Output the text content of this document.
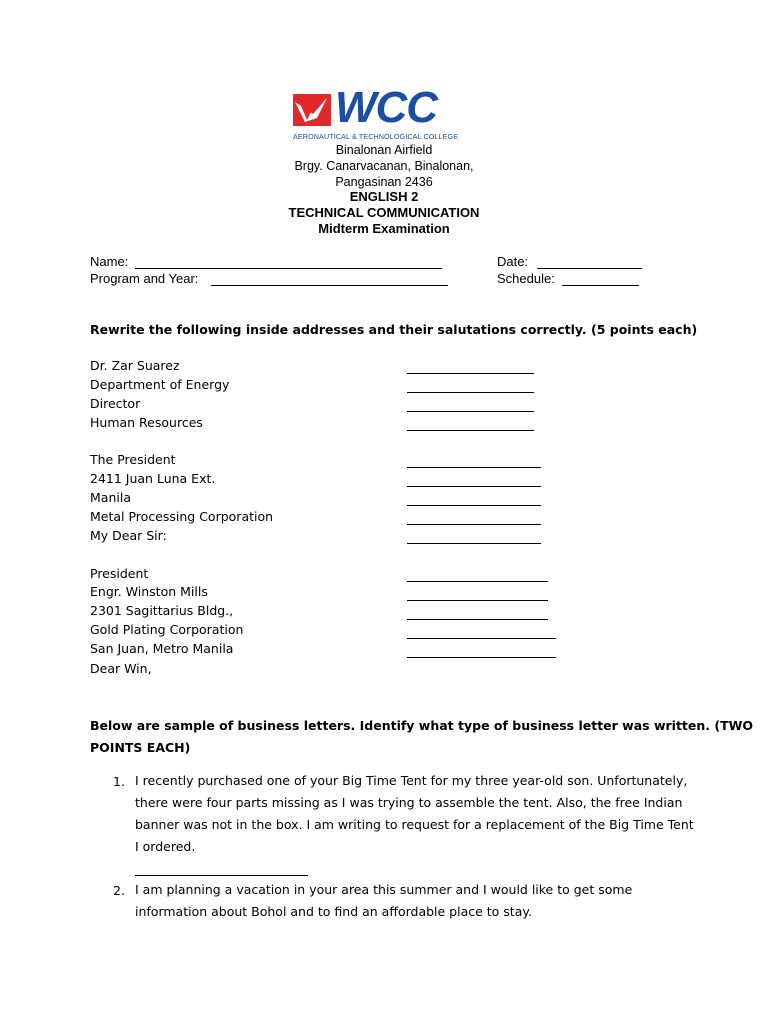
WCC
AERONAUTICAL & TECHNOLOGICAL COLLEGE
Binalonan Airfield
Brgy. Canarvacanan, Binalonan,
Pangasinan 2436
ENGLISH 2
TECHNICAL COMMUNICATION
Midterm Examination
Name:
Program and Year:
Date:
Schedule:
Rewrite the following inside addresses and their salutations correctly. (5 points each)
Dr. Zar Suarez
Department of Energy
Director
Human Resources
The President
2411 Juan Luna Ext.
Manila
Metal Processing Corporation
My Dear Sir:
President
Engr. Winston Mills
2301 Sagittarius Bldg.,
Gold Plating Corporation
San Juan, Metro Manila
Dear Win,
Below are sample of business letters. Identify what type of business letter was written. (TWO
POINTS EACH)
1. I recently purchased one of your Big Time Tent for my three year-old son. Unfortunately, there were four parts missing as I was trying to assemble the tent. Also, the free Indian banner was not in the box. I am writing to request for a replacement of the Big Time Tent I ordered.
2. I am planning a vacation in your area this summer and I would like to get some information about Bohol and to find an affordable place to stay.
